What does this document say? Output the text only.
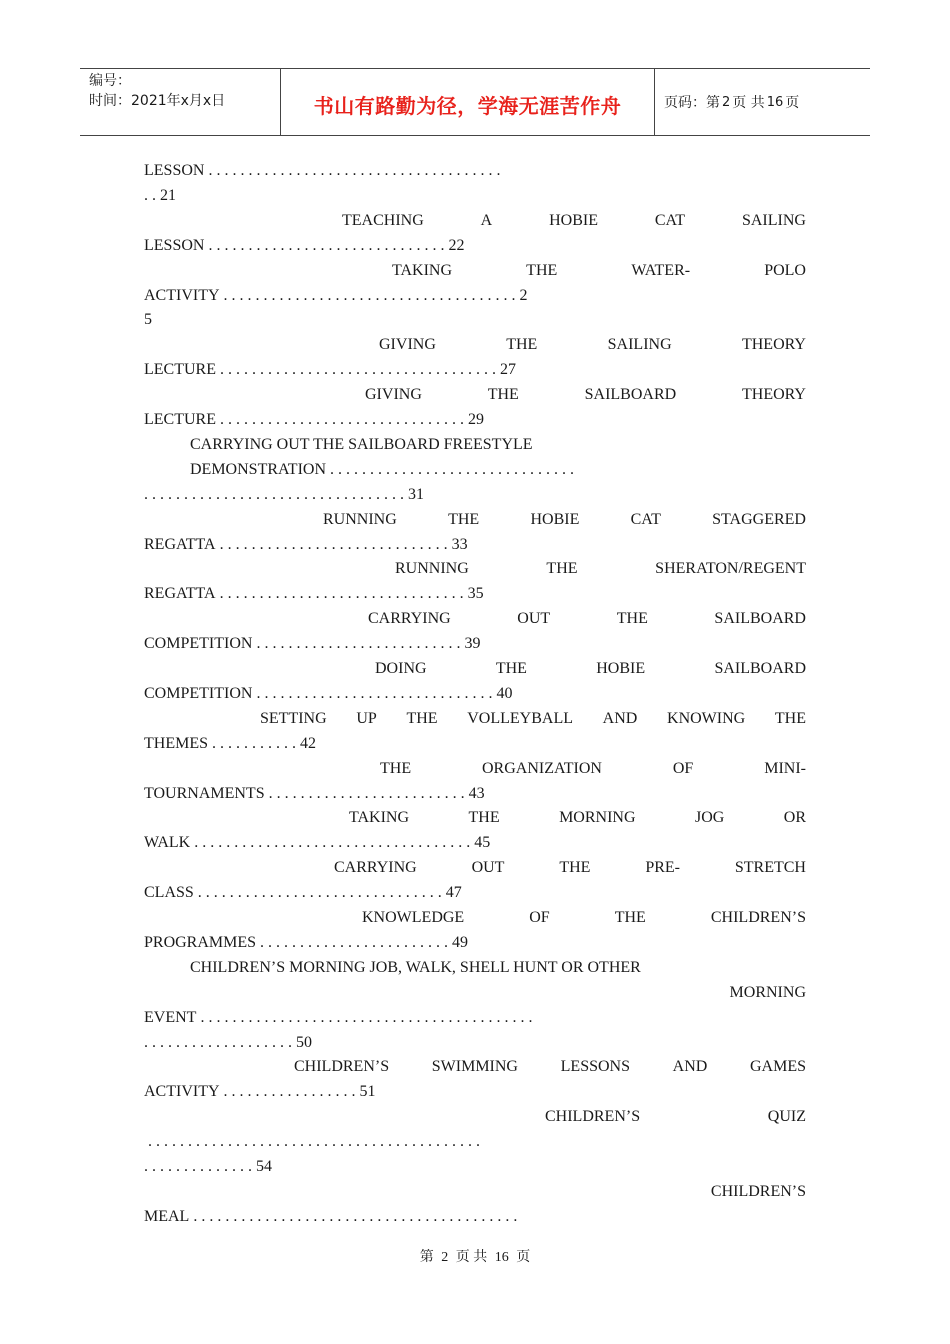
编号：
时间：2021年x月x日	书山有路勤为径，学海无涯苦作舟	页码：第 2 页 共 16 页
LESSON . . . . . . . . . . . . . . . . . . . . . . . . . . . . . . . . . . . . .
. . 21
TEACHING	A	HOBIE	CAT	SAILING
LESSON . . . . . . . . . . . . . . . . . . . . . . . . . . . . . . 22
TAKING	THE	WATER-	POLO
ACTIVITY . . . . . . . . . . . . . . . . . . . . . . . . . . . . . . . . . . . . . 2
5
GIVING	THE	SAILING	THEORY
LECTURE . . . . . . . . . . . . . . . . . . . . . . . . . . . . . . . . . . . 27
GIVING	THE	SAILBOARD	THEORY
LECTURE . . . . . . . . . . . . . . . . . . . . . . . . . . . . . . . 29
CARRYING OUT THE SAILBOARD FREESTYLE
DEMONSTRATION . . . . . . . . . . . . . . . . . . . . . . . . . . . . . . .
. . . . . . . . . . . . . . . . . . . . . . . . . . . . . . . . . 31
RUNNING	THE	HOBIE	CAT	STAGGERED
REGATTA . . . . . . . . . . . . . . . . . . . . . . . . . . . . . 33
RUNNING	THE	SHERATON/REGENT
REGATTA . . . . . . . . . . . . . . . . . . . . . . . . . . . . . . . 35
CARRYING	OUT	THE	SAILBOARD
COMPETITION . . . . . . . . . . . . . . . . . . . . . . . . . . 39
DOING	THE	HOBIE	SAILBOARD
COMPETITION . . . . . . . . . . . . . . . . . . . . . . . . . . . . . . 40
SETTING UP THE VOLLEYBALL AND KNOWING THE
THEMES . . . . . . . . . . . 42
THE	ORGANIZATION	OF	MINI-
TOURNAMENTS . . . . . . . . . . . . . . . . . . . . . . . . . 43
TAKING	THE	MORNING	JOG	OR
WALK . . . . . . . . . . . . . . . . . . . . . . . . . . . . . . . . . . . 45
CARRYING	OUT	THE	PRE-	STRETCH
CLASS . . . . . . . . . . . . . . . . . . . . . . . . . . . . . . . 47
KNOWLEDGE	OF	THE	CHILDREN’S
PROGRAMMES . . . . . . . . . . . . . . . . . . . . . . . . 49
CHILDREN’S MORNING JOB, WALK, SHELL HUNT OR OTHER
MORNING
EVENT . . . . . . . . . . . . . . . . . . . . . . . . . . . . . . . . . . . . . . . . . .
. . . . . . . . . . . . . . . . . . . 50
CHILDREN’S	SWIMMING	LESSONS	AND	GAMES
ACTIVITY . . . . . . . . . . . . . . . . . 51
CHILDREN’S	QUIZ
. . . . . . . . . . . . . . . . . . . . . . . . . . . . . . . . . . . . . . . . . .
. . . . . . . . . . . . . . 54
CHILDREN’S
MEAL . . . . . . . . . . . . . . . . . . . . . . . . . . . . . . . . . . . . . . . . .
第 2 页 共 16 页
